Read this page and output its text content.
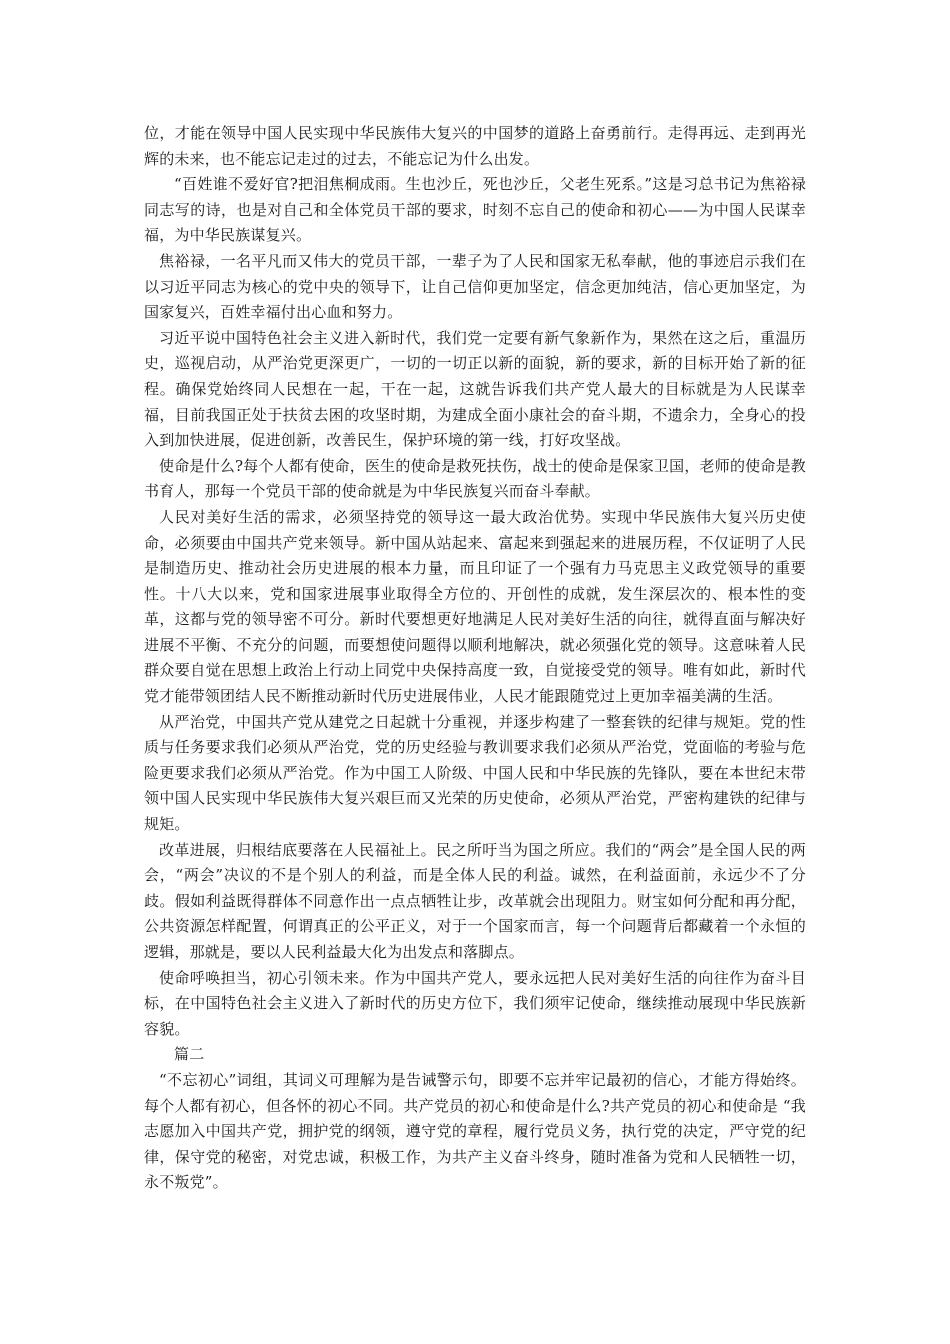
位，才能在领导中国人民实现中华民族伟大复兴的中国梦的道路上奋勇前行。走得再远、走到再光辉的未来，也不能忘记走过的过去，不能忘记为什么出发。

“百姓谁不爱好官?把泪焦桐成雨。生也沙丘，死也沙丘，父老生死系。”这是习总书记为焦裕禄同志写的诗，也是对自己和全体党员干部的要求，时刻不忘自己的使命和初心——为中国人民谋幸福，为中华民族谋复兴。

焦裕禄，一名平凡而又伟大的党员干部，一辈子为了人民和国家无私奉献，他的事迹启示我们在以习近平同志为核心的党中央的领导下，让自己信仰更加坚定，信念更加纯洁，信心更加坚定，为国家复兴，百姓幸福付出心血和努力。

习近平说中国特色社会主义进入新时代，我们党一定要有新气象新作为，果然在这之后，重温历史，巡视启动，从严治党更深更广，一切的一切正以新的面貌，新的要求，新的目标开始了新的征程。确保党始终同人民想在一起，干在一起，这就告诉我们共产党人最大的目标就是为人民谋幸福，目前我国正处于扶贫去困的攻坚时期，为建成全面小康社会的奋斗期，不遗余力，全身心的投入到加快进展，促进创新，改善民生，保护环境的第一线，打好攻坚战。

使命是什么?每个人都有使命，医生的使命是救死扶伤，战士的使命是保家卫国，老师的使命是教书育人，那每一个党员干部的使命就是为中华民族复兴而奋斗奉献。

人民对美好生活的需求，必须坚持党的领导这一最大政治优势。实现中华民族伟大复兴历史使命，必须要由中国共产党来领导。新中国从站起来、富起来到强起来的进展历程，不仅证明了人民是制造历史、推动社会历史进展的根本力量，而且印证了一个强有力马克思主义政党领导的重要性。十八大以来，党和国家进展事业取得全方位的、开创性的成就，发生深层次的、根本性的变革，这都与党的领导密不可分。新时代要想更好地满足人民对美好生活的向往，就得直面与解决好进展不平衡、不充分的问题，而要想使问题得以顺利地解决，就必须强化党的领导。这意味着人民群众要自觉在思想上政治上行动上同党中央保持高度一致，自觉接受党的领导。唯有如此，新时代党才能带领团结人民不断推动新时代历史进展伟业，人民才能跟随党过上更加幸福美满的生活。

从严治党，中国共产党从建党之日起就十分重视，并逐步构建了一整套铁的纪律与规矩。党的性质与任务要求我们必须从严治党，党的历史经验与教训要求我们必须从严治党，党面临的考验与危险更要求我们必须从严治党。作为中国工人阶级、中国人民和中华民族的先锋队，要在本世纪末带领中国人民实现中华民族伟大复兴艰巨而又光荣的历史使命，必须从严治党，严密构建铁的纪律与规矩。

改革进展，归根结底要落在人民福祉上。民之所吁当为国之所应。我们的“两会”是全国人民的两会，“两会”决议的不是个别人的利益，而是全体人民的利益。诚然，在利益面前，永远少不了分歧。假如利益既得群体不同意作出一点点牺牲让步，改革就会出现阻力。财宝如何分配和再分配，公共资源怎样配置，何谓真正的公平正义，对于一个国家而言，每一个问题背后都藏着一个永恒的逻辑，那就是，要以人民利益最大化为出发点和落脚点。

使命呼唤担当，初心引领未来。作为中国共产党人，要永远把人民对美好生活的向往作为奋斗目标，在中国特色社会主义进入了新时代的历史方位下，我们须牢记使命，继续推动展现中华民族新容貌。

篇二

“不忘初心”词组，其词义可理解为是告诫警示句，即要不忘并牢记最初的信心，才能方得始终。每个人都有初心，但各怀的初心不同。共产党员的初心和使命是什么?共产党员的初心和使命是 “我志愿加入中国共产党，拥护党的纲领，遵守党的章程，履行党员义务，执行党的决定，严守党的纪律，保守党的秘密，对党忠诚，积极工作，为共产主义奋斗终身，随时准备为党和人民牺牲一切，永不叛党”。
